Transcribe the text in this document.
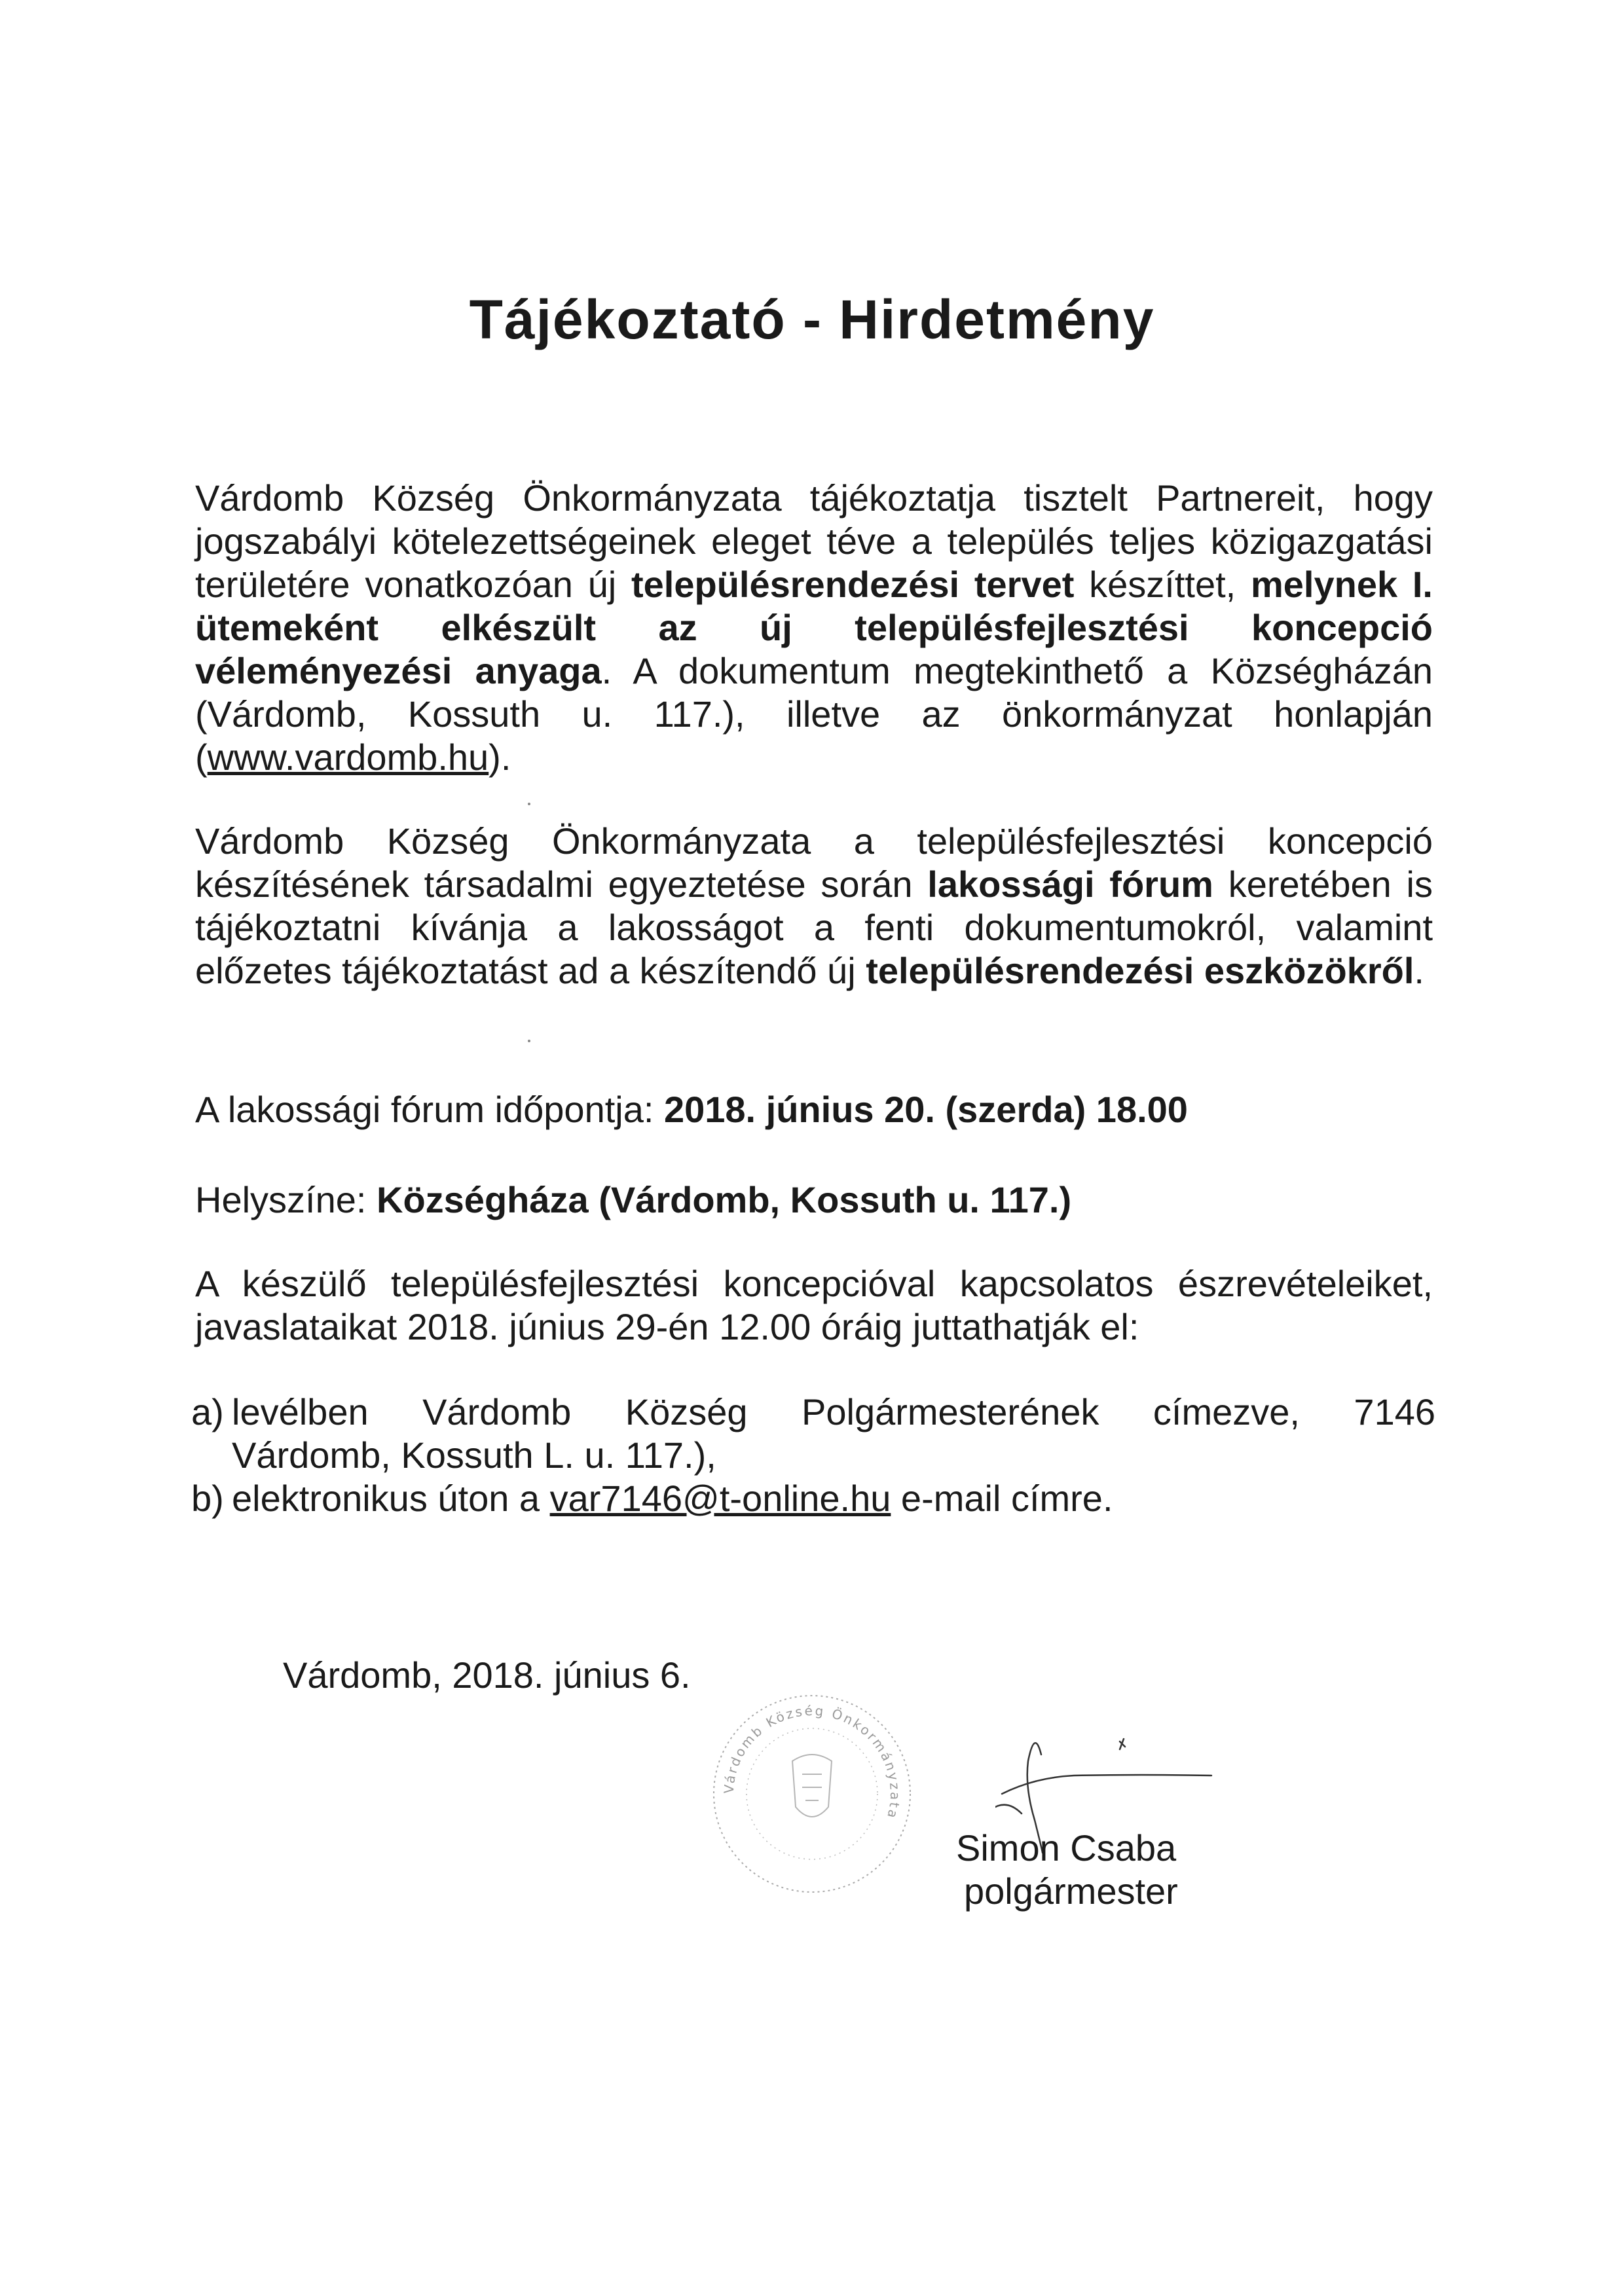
Tájékoztató - Hirdetmény
Várdomb Község Önkormányzata tájékoztatja tisztelt Partnereit, hogy jogszabályi kötelezettségeinek eleget téve a település teljes közigazgatási területére vonatkozóan új településrendezési tervet készíttet, melynek I. ütemeként elkészült az új településfejlesztési koncepció véleményezési anyaga. A dokumentum megtekinthető a Községházán (Várdomb, Kossuth u. 117.), illetve az önkormányzat honlapján (www.vardomb.hu).
Várdomb Község Önkormányzata a településfejlesztési koncepció készítésének társadalmi egyeztetése során lakossági fórum keretében is tájékoztatni kívánja a lakosságot a fenti dokumentumokról, valamint előzetes tájékoztatást ad a készítendő új településrendezési eszközökről.
A lakossági fórum időpontja: 2018. június 20. (szerda) 18.00
Helyszíne: Községháza (Várdomb, Kossuth u. 117.)
A készülő településfejlesztési koncepcióval kapcsolatos észrevételeiket, javaslataikat 2018. június 29-én 12.00 óráig juttathatják el:
a) levélben Várdomb Község Polgármesterének címezve, 7146
Várdomb, Kossuth L. u. 117.),
b) elektronikus úton a var7146@t-online.hu e-mail címre.
Várdomb, 2018. június 6.
Várdomb Község Önkormányzata
Simon Csaba
polgármester
